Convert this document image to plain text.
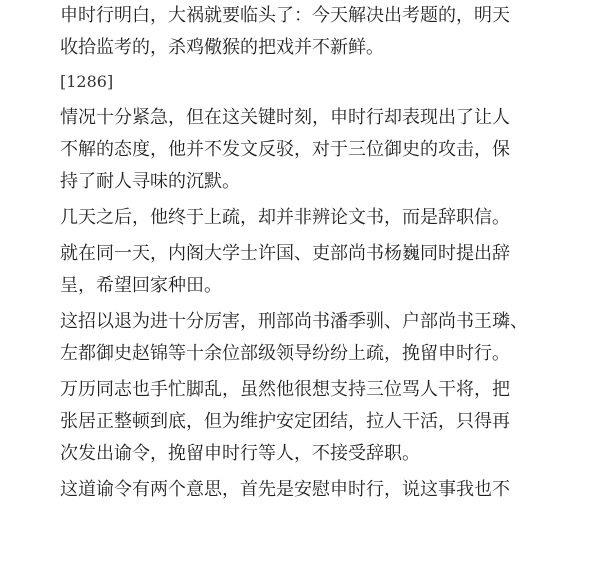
申时行明白，大祸就要临头了：今天解决出考题的，明天
收拾监考的，杀鸡儆猴的把戏并不新鲜。

[1286]

情况十分紧急，但在这关键时刻，申时行却表现出了让人
不解的态度，他并不发文反驳，对于三位御史的攻击，保
持了耐人寻味的沉默。

几天之后，他终于上疏，却并非辨论文书，而是辞职信。

就在同一天，内阁大学士许国、吏部尚书杨巍同时提出辞
呈，希望回家种田。

这招以退为进十分厉害，刑部尚书潘季驯、户部尚书王璘、
左都御史赵锦等十余位部级领导纷纷上疏，挽留申时行。

万历同志也手忙脚乱，虽然他很想支持三位骂人干将，把
张居正整顿到底，但为维护安定团结，拉人干活，只得再
次发出谕令，挽留申时行等人，不接受辞职。

这道谕令有两个意思，首先是安慰申时行，说这事我也不
